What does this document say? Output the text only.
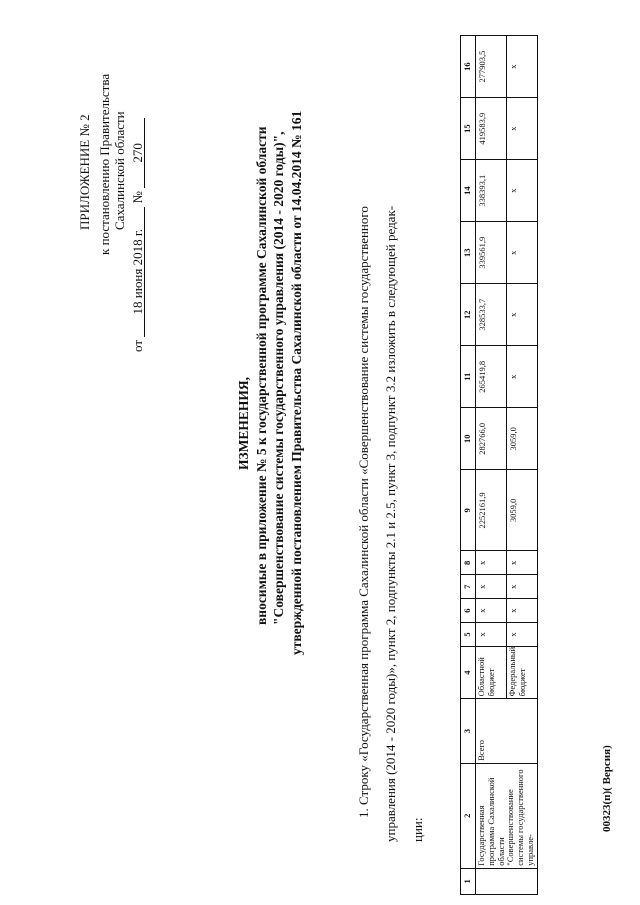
ПРИЛОЖЕНИЕ № 2 к постановлению Правительства Сахалинской области
от 18 июня 2018 г. № 270
ИЗМЕНЕНИЯ, вносимые в приложение № 5 к государственной программе Сахалинской области "Совершенствование системы государственного управления (2014 - 2020 годы)", утвержденной постановлением Правительства Сахалинской области от 14.04.2014 № 161	1. Строку «Государственная программа Сахалинской области «Совершенствование системы государственного управления (2014 - 2020 годы)», пункт 2, подпункты 2.1 и 2.5, пункт 3, подпункт 3.2 изложить в следующей редак- ции:
1	2	3	4	5	6	7	8	9	10	11	12	13	14	15	16
	Государственная программа Сахалинской области "Совершенствование системы государственного управле-	Всего	Областной бюджет	х	х	х	х	2252161,9	282766,0	265419,8	328533,7	339561,9	338393,1	419583,9	277903,5
			Федеральный бюджет	х	х	х	х	3059,0	3059,0	х	х	х	х	х	х
00323(п)( Версия)
